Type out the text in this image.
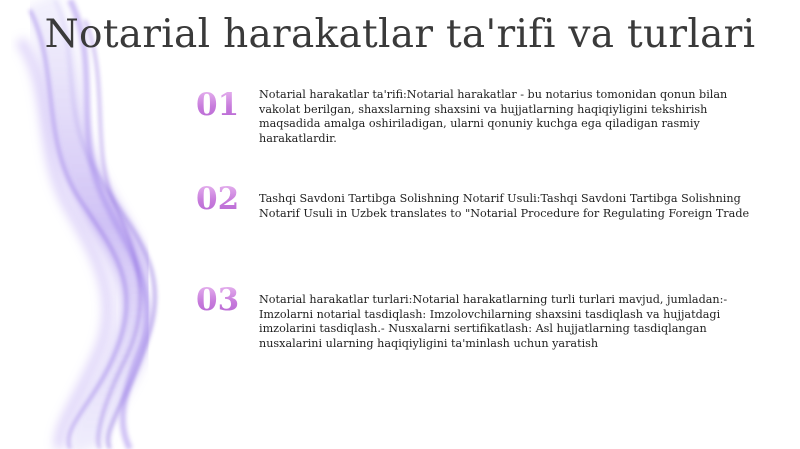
Notarial harakatlar ta'rifi va turlari
01	Notarial harakatlar ta'rifi:Notarial harakatlar - bu notarius tomonidan qonun bilan vakolat berilgan, shaxslarning shaxsini va hujjatlarning haqiqiyligini tekshirish maqsadida amalga oshiriladigan, ularni qonuniy kuchga ega qiladigan rasmiy harakatlardir.
02	Tashqi Savdoni Tartibga Solishning Notarif Usuli:Tashqi Savdoni Tartibga Solishning Notarif Usuli in Uzbek translates to "Notarial Procedure for Regulating Foreign Trade
03	Notarial harakatlar turlari:Notarial harakatlarning turli turlari mavjud, jumladan:- Imzolarni notarial tasdiqlash: Imzolovchilarning shaxsini tasdiqlash va hujjatdagi imzolarini tasdiqlash.- Nusxalarni sertifikatlash: Asl hujjatlarning tasdiqlangan nusxalarini ularning haqiqiyligini ta'minlash uchun yaratish
